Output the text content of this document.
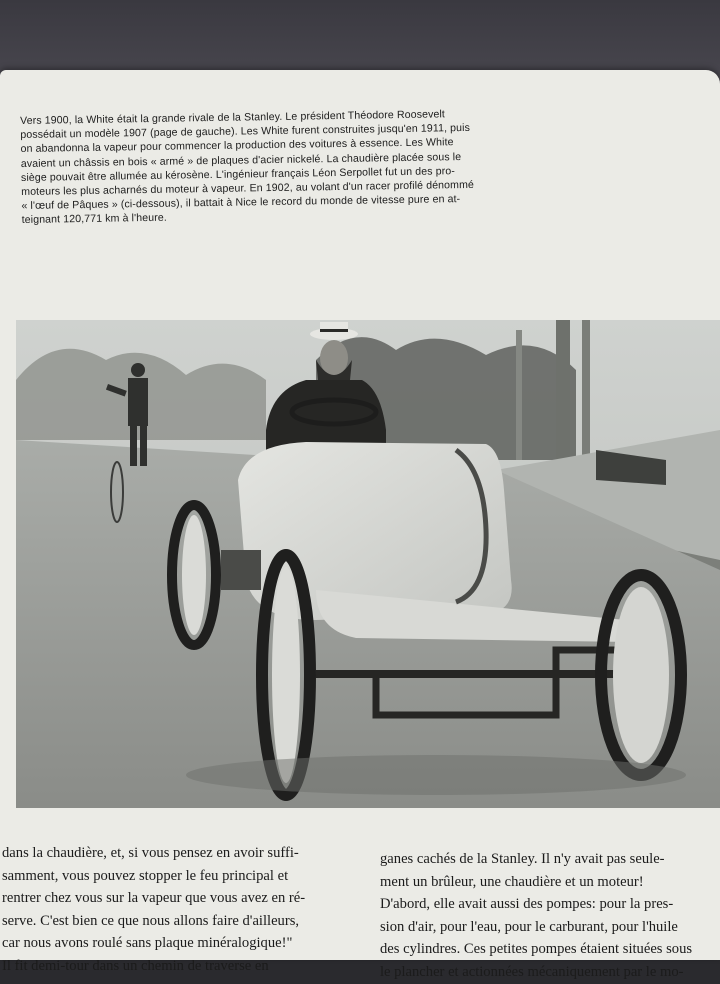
Vers 1900, la White était la grande rivale de la Stanley. Le président Théodore Roosevelt
possédait un modèle 1907 (page de gauche). Les White furent construites jusqu'en 1911, puis
on abandonna la vapeur pour commencer la production des voitures à essence. Les White
avaient un châssis en bois « armé » de plaques d'acier nickelé. La chaudière placée sous le
siège pouvait être allumée au kérosène. L'ingénieur français Léon Serpollet fut un des pro-
moteurs les plus acharnés du moteur à vapeur. En 1902, au volant d'un racer profilé dénommé
« l'œuf de Pâques » (ci-dessous), il battait à Nice le record du monde de vitesse pure en at-
teignant 120,771 km à l'heure.

dans la chaudière, et, si vous pensez en avoir suffi-
samment, vous pouvez stopper le feu principal et
rentrer chez vous sur la vapeur que vous avez en ré-
serve. C'est bien ce que nous allons faire d'ailleurs,
car nous avons roulé sans plaque minéralogique!"
Il fit demi-tour dans un chemin de traverse en

ganes cachés de la Stanley. Il n'y avait pas seule-
ment un brûleur, une chaudière et un moteur!
D'abord, elle avait aussi des pompes: pour la pres-
sion d'air, pour l'eau, pour le carburant, pour l'huile
des cylindres. Ces petites pompes étaient situées sous
le plancher et actionnées mécaniquement par le mo-
